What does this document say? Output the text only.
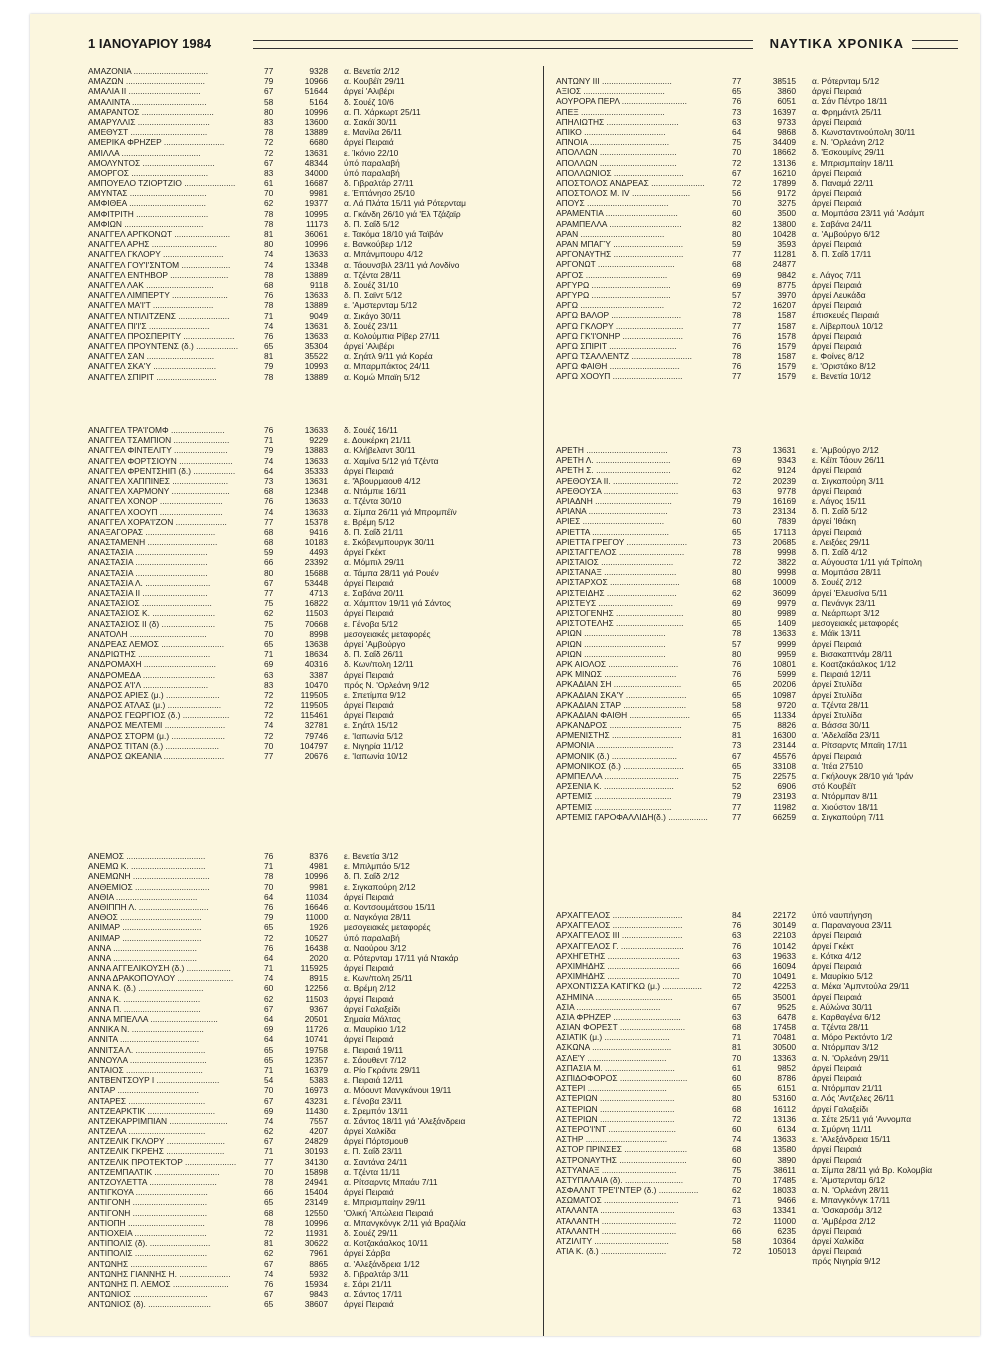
1 ΙΑΝΟΥΑΡΙΟΥ 1984	ΝΑΥΤΙΚΑ ΧΡΟΝΙΚΑ
ΑΜΑΖΟΝΙΑ ................................	77	9328 α. Βενετία 2/12
ΑΜΑΖΩΝ ..................................	79	10966 α. Κουβέϊτ 29/11
ΑΜΑΛΙΑ ΙΙ ...............................	67	51644 άργεί 'Αλιβέρι
ΑΜΑΛΙΝΤΑ ................................	58	5164 δ. Σουέζ 10/6
ΑΜΑΡΑΝΤΟΣ ...............................	80	10996 α. Π. Χάρκωρτ 25/11
ΑΜΑΡΥΛΛΙΣ ...............................	83	13600 α. Σακάϊ 30/11
ΑΜΕΘΥΣΤ .................................	78	13889 ε. Μανίλα 26/11
ΑΜΕΡΙΚΑ ΦΡΗΖΕΡ ..........................	72	6680 άργεί Πειραιά
ΑΜΙΛΛΑ ..................................	72	13631 ε. Ίκόνιο 22/10
ΑΜΟΛΥΝΤΟΣ ...............................	67	48344 ύπό παραλαβή
ΑΜΟΡΓΟΣ .................................	83	34000 ύπό παραλαβή
ΑΜΠΟΥΕΛΟ ΤΖΙΟΡΤΖΙΟ ......................	61	16687 δ. Γιβραλτάρ 27/11
ΑΜΥΝΤΑΣ .................................	70	9981 ε. Έπτάνησο 25/10
ΑΜΦΙΘΕΑ .................................	62	19377 α. Λά Πλάτα 15/11 γιά Ρότερνταμ
ΑΜΦΙΤΡΙΤΗ ...............................	78	10995 α. Γκάνδη 26/10 γιά 'Ελ Τζάζαϊρ
ΑΜΦΙΩΝ ..................................	78	11173 δ. Π. Σαΐδ 5/12
ΑΝΑΓΓΕΛ ΑΡΓΚΟΝΩΤ ........................	81	36061 ε. Τακόμα 18/10 γιά Ταϊβάν
ΑΝΑΓΓΕΛ ΑΡΗΣ ............................	80	10996 ε. Βανκούβερ 1/12
ΑΝΑΓΓΕΛ ΓΚΛΟΡΥ ..........................	74	13633 α. Μπάνμπουρυ 4/12
ΑΝΑΓΓΕΛ ΓΟΥ'Ι'ΣΝΤΟΜ .....................	74	13348 α. Τάουνσβιλ 23/11 γιά Λονδίνο
ΑΝΑΓΓΕΛ ΕΝΤΗΒΟΡ .........................	78	13889 α. Τζέντα 28/11
ΑΝΑΓΓΕΛ ΛΑΚ .............................	68	9118 δ. Σουέζ 31/10
ΑΝΑΓΓΕΛ ΛΙΜΠΕΡΤΥ ........................	76	13633 δ. Π. Σαϊντ 5/12
ΑΝΑΓΓΕΛ ΜΑ'Ι'Τ ..........................	78	13889 ε. 'Αμστερνταμ 5/12
ΑΝΑΓΓΕΛ ΝΤΙΛΙΤΖΕΝΣ ......................	71	9049 α. Σικάγο 30/11
ΑΝΑΓΓΕΛ ΠΙ'Ι'Σ ..........................	74	13631 δ. Σουέζ 23/11
ΑΝΑΓΓΕΛ ΠΡΟΣΠΕΡΙΤΥ ......................	76	13633 α. Κολούμπια Ρίβερ 27/11
ΑΝΑΓΓΕΛ ΠΡΟΥΝΤΕΝΣ (δ.) ..................	65	35304 άργεί 'Αλιβέρι
ΑΝΑΓΓΕΛ ΣΑΝ .............................	81	35522 α. Σηάτλ 9/11 γιά Κορέα
ΑΝΑΓΓΕΛ ΣΚΑ'Υ ...........................	79	10993 α. Μπαρμπάκτος 24/11
ΑΝΑΓΓΕΛ ΣΠΙΡΙΤ ..........................	78	13889 α. Κομώ Μπαϊη 5/12
ΑΝΑΓΓΕΛ ΤΡΑ'Ι'ΟΜΦ .......................	76	13633 δ. Σουέζ 16/11
ΑΝΑΓΓΕΛ ΤΣΑΜΠΙΟΝ ........................	71	9229 ε. Δουκέρκη 21/11
ΑΝΑΓΓΕΛ ΦΙΝΤΕΛΙΤΥ .......................	79	13883 α. Κλήβελαντ 30/11
ΑΝΑΓΓΕΛ ΦΟΡΤΣΙΟΥΝ .......................	74	13633 α. Χαμίνα 5/12 γιά Τζέντα
ΑΝΑΓΓΕΛ ΦΡΕΝΤΣΗΙΠ (δ.) ..................	64	35333 άργεί Πειραιά
ΑΝΑΓΓΕΛ ΧΑΠΠΙΝΕΣ ........................	73	13631 ε. 'Άβουρμαουθ 4/12
ΑΝΑΓΓΕΛ ΧΑΡΜΟΝΥ .........................	68	12348 α. Ντάμπιε 16/11
ΑΝΑΓΓΕΛ ΧΟΝΟΡ ...........................	76	13633 α. Τζέντα 30/10
ΑΝΑΓΓΕΛ ΧΟΟΥΠ ...........................	74	13633 α. Σίμπα 26/11 γιά Μπρομπέϊν
ΑΝΑΓΓΕΛ ΧΟΡΑ'Ι'ΖΟΝ ......................	77	15378 ε. Βρέμη 5/12
ΑΝΑΞΑΓΟΡΑΣ ..............................	68	9416 δ. Π. Σαΐδ 21/11
ΑΝΑΣΤΑΜΕΝΗ ..............................	68	10183 ε. Σκόβενμπουργκ 30/11
ΑΝΑΣΤΑΣΙΑ ...............................	59	4493 άργεί Γκέκτ
ΑΝΑΣΤΑΣΙΑ ...............................	66	23392 α. Μόμπιλ 29/11
ΑΝΑΣΤΑΣΙΑ ...............................	80	15688 α. Τάμπα 28/11 γιά Ρουέν
ΑΝΑΣΤΑΣΙΑ Λ. ............................	67	53448 άργεί Πειραιά
ΑΝΑΣΤΑΣΙΑ ΙΙ ............................	77	4713 ε. Σαβάνα 20/11
ΑΝΑΣΤΑΣΙΟΣ ..............................	75	16822 α. Χάμπτον 19/11 γιά Σάντος
ΑΝΑΣΤΑΣΙΟΣ Κ. ...........................	62	11503 άργεί Πειραιά
ΑΝΑΣΤΑΣΙΟΣ ΙΙ (δ) .......................	75	70668 ε. Γένοβα 5/12
ΑΝΑΤΟΛΗ .................................	70	8998 μεσογειακές μεταφορές
ΑΝΔΡΕΑΣ ΛΕΜΟΣ ...........................	65	13638 άργεί 'Αμβούργο
ΑΝΔΡΙΩΤΗΣ ...............................	71	18634 δ. Π. Σαΐδ 26/11
ΑΝΔΡΟΜΑΧΗ ...............................	69	40316 δ. Κων/πολη 12/11
ΑΝΔΡΟΜΕΔΑ ...............................	63	3387 άργεί Πειραιά
ΑΝΔΡΟΣ Α'Ι'Λ ............................	83	10470 πρός Ν. 'Ορλεάνη 9/12
ΑΝΔΡΟΣ ΑΡΙΕΣ (μ.) .......................	72	119505 ε. Σπετίμπα 9/12
ΑΝΔΡΟΣ ΑΤΛΑΣ (μ.) .......................	72	119505 άργεί Πειραιά
ΑΝΔΡΟΣ ΓΕΩΡΓΙΟΣ (δ.) ....................	72	115461 άργεί Πειραιά
ΑΝΔΡΟΣ ΜΕΛΤΕΜΙ ..........................	74	32781 ε. Σηάτλ 15/12
ΑΝΔΡΟΣ ΣΤΟΡΜ (μ.) .......................	72	79746 ε. 'Ιαπωνία 5/12
ΑΝΔΡΟΣ ΤΙΤΑΝ (δ.) .......................	70	104797 ε. Νιγηρία 11/12
ΑΝΔΡΟΣ ΩΚΕΑΝΙΑ ..........................	77	20676 ε. 'Ιαπωνία 10/12
ΑΝΕΜΟΣ ..................................	76	8376 ε. Βενετία 3/12
ΑΝΕΜΩ Κ. ................................	71	4981 ε. Μπιλμπάο 5/12
ΑΝΕΜΩΝΗ .................................	78	10996 δ. Π. Σαΐδ 2/12
ΑΝΘΕΜΙΟΣ ................................	70	9981 ε. Σιγκαπούρη 2/12
ΑΝΘΙΑ ...................................	64	11034 άργεί Πειραιά
ΑΝΘΙΠΠΗ Λ. ..............................	76	16646 α. Κοντσουμάτσου 15/11
ΑΝΘΟΣ ...................................	79	11000 α. Ναγκόγια 28/11
ΑΝΙΜΑΡ ..................................	65	1926 μεσογειακές μεταφορές
ΑΝΙΜΑΡ ..................................	72	10527 ύπό παραλαβή
ΑΝΝΑ ....................................	76	16438 α. Ναούρου 3/12
ΑΝΝΑ ....................................	64	2020 α. Ρότερνταμ 17/11 γιά Ντακάρ
ΑΝΝΑ ΑΓΓΕΛΙΚΟΥΣΗ (δ.) ...................	71	115925 άργεί Πειραιά
ΑΝΝΑ ΔΡΑΚΟΠΟΥΛΟΥ ........................	74	8915 ε. Κων/πολη 25/11
ΑΝΝΑ Κ. (δ.) ............................	60	12256 α. Βρέμη 2/12
ΑΝΝΑ Κ. .................................	62	11503 άργεί Πειραιά
ΑΝΝΑ Π. .................................	67	9367 άργεί Γαλαξείδι
ΑΝΝΑ ΜΠΕΛΛΑ .............................	64	20501 Σημαία Μάλτας
ΑΝΝΙΚΑ Ν. ...............................	69	11726 α. Μαυρίκιο 1/12
ΑΝΝΙΤΑ ..................................	64	10741 άργεί Πειραιά
ΑΝΝΙΤΣΑ Λ. ..............................	65	19758 ε. Πειραιά 19/11
ΑΝΝΟΥΛΑ .................................	65	12357 ε. Σάουθεντ 7/12
ΑΝΤΑΙΟΣ .................................	71	16379 α. Ρίο Γκράντε 29/11
ΑΝΤΒΕΝΤΣΟΥΡ Ι ...........................	54	5383 ε. Πειραιά 12/11
ΑΝΤΑΡ ...................................	70	16973 α. Μόουντ Μανγκάνουι 19/11
ΑΝΤΑΡΕΣ .................................	67	43231 ε. Γένοβα 23/11
ΑΝΤΖΕΑΡΚΤΙΚ .............................	69	11430 ε. Σρεμπόν 13/11
ΑΝΤΖΕΚΑΡΡΙΜΠΙΑΝ .........................	74	7557 α. Σάντος 18/11 γιά 'Αλεξάνδρεια
ΑΝΤΖΕΛΑ .................................	62	4207 άργεί Χαλκίδα
ΑΝΤΖΕΛΙΚ ΓΚΛΟΡΥ .........................	67	24829 άργεί Πόρτσμουθ
ΑΝΤΖΕΛΙΚ ΓΚΡΕΗΣ .........................	71	30193 ε. Π. Σαΐδ 23/11
ΑΝΤΖΕΛΙΚ ΠΡΟΤΕΚΤΟΡ ......................	77	34130 α. Σαντάνα 24/11
ΑΝΤΖΕΜΠΑΛΤΙΚ ............................	70	15898 α. Τζέντα 11/11
ΑΝΤΖΟΥΛΕΤΤΑ .............................	78	24941 α. Ρίτσαρντς Μπαάυ 7/11
ΑΝΤΙΓΚΟΥΑ ...............................	66	15404 άργεί Πειραιά
ΑΝΤΙΓΟΝΗ ................................	65	23149 ε. Μπρισμπαίην 29/11
ΑΝΤΙΓΟΝΗ ................................	68	12550 'Ολική 'Απώλεια Πειραιά
ΑΝΤΙΟΠΗ .................................	78	10996 α. Μπανγκόνγκ 2/11 γιά Βραζιλία
ΑΝΤΙΟΧΕΙΑ ...............................	72	11931 δ. Σουέζ 29/11
ΑΝΤΙΠΟΛΙΣ (δ). ..........................	81	30622 α. Κοτζακάαλκος 10/11
ΑΝΤΙΠΟΛΙΣ ...............................	62	7961 άργεί Σάρβα
ΑΝΤΩΝΗΣ .................................	67	8865 α. 'Αλεξάνδρεια 1/12
ΑΝΤΩΝΗΣ ΓΙΑΝΝΗΣ Η. ......................	74	5932 δ. Γιβραλτάρ 3/11
ΑΝΤΩΝΗΣ Π. ΛΕΜΟΣ ........................	76	15934 ε. Σάρι 21/11
ΑΝΤΩΝΙΟΣ ................................	67	9843 α. Σάντος 17/11
ΑΝΤΩΝΙΟΣ (δ). ...........................	65	38607 άργεί Πειραιά
ΑΝΤΩΝΥ ΙΙΙ ..............................	77	38515 α. Ρότερνταμ 5/12
ΑΞΙΟΣ ...................................	65	3860 άργεί Πειραιά
ΑΟΥΡΟΡΑ ΠΕΡΛ ............................	76	6051 α. Σάν Πέντρο 18/11
ΑΠΕΞ ....................................	73	16397 α. Φρημάντλ 25/11
ΑΠΗΛΙΩΤΗΣ ...............................	63	9733 άργεί Πειραιά
ΑΠΙΚΟ ...................................	64	9868 δ. Κωνσταντινούπολη 30/11
ΑΠΝΟΙΑ ..................................	75	34409 ε. Ν. 'Ορλεάνη 2/12
ΑΠΟΛΛΩΝ .................................	70	18662 δ. 'Εσκουμίνς 29/11
ΑΠΟΛΛΩΝ .................................	72	13136 ε. Μπρισμπαίην 18/11
ΑΠΟΛΛΩΝΙΟΣ ..............................	67	16210 άργεί Πειραιά
ΑΠΟΣΤΟΛΟΣ ΑΝΔΡΕΑΣ .......................	72	17899 δ. Παναμά 22/11
ΑΠΟΣΤΟΛΟΣ Μ. ΙV .........................	56	9172 άργεί Πειραιά
ΑΠΟΥΣ ...................................	70	3275 άργεί Πειραιά
ΑΡΑΜΕΝΤΙΑ ...............................	60	3500 α. Μομπάσα 23/11 γιά 'Ασάμπ
ΑΡΑΜΠΕΛΛΑ ...............................	82	13800 ε. Σαβάνα 24/11
ΑΡΑΝ ....................................	80	10428 α. 'Αμβούργο 6/12
ΑΡΑΝ ΜΠΑΓΎ ..............................	59	3593 άργεί Πειραιά
ΑΡΓΟΝΑΥΤΗΣ ..............................	77	11281 δ. Π. Σαΐδ 17/11
ΑΡΓΟΝΩΤ .................................	68	24877
ΑΡΓΟΣ ...................................	69	9842 ε. Λάγος 7/11
ΑΡΓΥΡΩ ..................................	69	8775 άργεί Πειραιά
ΑΡΓΥΡΩ ..................................	57	3970 άργεί Λευκάδα
ΑΡΓΩ ....................................	72	16207 άργεί Πειραιά
ΑΡΓΩ ΒΑΛΟΡ ..............................	78	1587 έπισκευές Πειραιά
ΑΡΓΩ ΓΚΛΟΡΥ .............................	77	1587 ε. Λίβερπουλ 10/12
ΑΡΓΩ ΓΚ'Ι'ΟΝΗΡ ..........................	76	1578 άργεί Πειραιά
ΑΡΓΩ ΣΠΙΡΙΤ .............................	76	1579 άργεί Πειραιά
ΑΡΓΩ ΤΣΑΛΛΕΝΤΖ ..........................	78	1587 ε. Φοίνες 8/12
ΑΡΓΩ ΦΑΙΘΗ ..............................	76	1579 ε. 'Οριστάκο 8/12
ΑΡΓΩ ΧΟΟΥΠ ..............................	77	1579 ε. Βενετία 10/12
ΑΡΕΤΗ ...................................	73	13631 ε. 'Αμβούργο 2/12
ΑΡΕΤΗ Λ. ................................	69	9343 ε. Κέϊπ Τάουν 26/11
ΑΡΕΤΗ Σ. ................................	62	9124 άργεί Πειραιά
ΑΡΕΘΟΥΣΑ ΙΙ. ............................	72	20239 α. Σιγκαπούρη 3/11
ΑΡΕΘΟΥΣΑ ................................	63	9778 άργεί Πειραιά
ΑΡΙΑΔΝΗ .................................	79	16169 ε. Λάγος 15/11
ΑΡΙΑΝΑ ..................................	73	23134 δ. Π. Σαΐδ 5/12
ΑΡΙΕΣ ...................................	60	7839 άργεί 'Ιθάκη
ΑΡΙΕΤΤΑ .................................	65	17113 άργεί Πειραιά
ΑΡΙΕΤΤΑ ΓΡΕΓΟΥ ..........................	73	20685 ε. Λειξόες 29/11
ΑΡΙΣΤΑΓΓΕΛΟΣ ............................	78	9998 δ. Π. Σαΐδ 4/12
ΑΡΙΣΤΑΙΟΣ ...............................	72	3822 α. Αύγουστα 1/11 γιά Τρίπολη
ΑΡΙΣΤΑΝΑΞ ...............................	80	9998 α. Μομπάσα 28/11
ΑΡΙΣΤΑΡΧΟΣ ..............................	68	10009 δ. Σουέζ 2/12
ΑΡΙΣΤΕΙΔΗΣ ..............................	62	36099 άργεί 'Ελευσίνα 5/11
ΑΡΙΣΤΕΥΣ ................................	69	9979 α. Πενάνγκ 23/11
ΑΡΙΣΤΟΓΕΝΗΣ .............................	80	9989 α. Νεάρπωρτ 3/12
ΑΡΙΣΤΟΤΕΛΗΣ .............................	65	1409 μεσογειακές μεταφορές
ΑΡΙΩΝ ...................................	78	13633 ε. Μάϊκ 13/11
ΑΡΙΩΝ ...................................	57	9999 άργεί Πειραιά
ΑΡΙΩΝ ...................................	80	9959 ε. Βισακαπτνάμ 28/11
ΑΡΚ ΑΙΟΛΟΣ ..............................	76	10801 ε. Κοατζακάαλκος 1/12
ΑΡΚ ΜΙΝΩΣ ...............................	76	5999 ε. Πειραιά 12/11
ΑΡΚΑΔΙΑΝ ΣΗ .............................	65	20206 άργεί Στυλίδα
ΑΡΚΑΔΙΑΝ ΣΚΑ'Υ ..........................	65	10987 άργεί Στυλίδα
ΑΡΚΑΔΙΑΝ ΣΤΑΡ ...........................	58	9720 α. Τζέντα 28/11
ΑΡΚΑΔΙΑΝ ΦΑΙΘΗ ..........................	65	11334 άργεί Στυλίδα
ΑΡΚΑΝΔΡΟΣ ...............................	75	8826 α. Βάσσα 30/11
ΑΡΜΕΝΙΣΤΗΣ ..............................	81	16300 α. 'Αδελαΐδα 23/11
ΑΡΜΟΝΙΑ .................................	73	23144 α. Ρίτσαρντς Μπαϊη 17/11
ΑΡΜΟΝΙΚ (δ.) ............................	67	45576 άργεί Πειραιά
ΑΡΜΟΝΙΚΟΣ (δ.) ..........................	65	33108 α. 'Ιτέα 27510
ΑΡΜΠΕΛΛΑ ................................	75	22575 α. Γκήλουγκ 28/10 γιά 'Ιράν
ΑΡΣΕΝΙΑ Κ. ..............................	52	6906 στό Κουβέϊτ
ΑΡΤΕΜΙΣ .................................	79	23193 α. Ντόρμπαν 8/11
ΑΡΤΕΜΙΣ .................................	77	11982 α. Χιούστον 18/11
ΑΡΤΕΜΙΣ ΓΑΡΟΦΑΛΛΙΔΗ(δ.) .................	77	66259 α. Σιγκαπούρη 7/11
ΑΡΧΑΓΓΕΛΟΣ ..............................	84	22172 ύπό ναυπήγηση
ΑΡΧΑΓΓΕΛΟΣ ..............................	76	30149 α. Παραναγουα 23/11
ΑΡΧΑΓΓΕΛΟΣ ΙΙΙ ..........................	63	22103 άργεί Πειραιά
ΑΡΧΑΓΓΕΛΟΣ Γ. ...........................	76	10142 άργεί Γκέκτ
ΑΡΧΗΓΕΤΗΣ ...............................	63	19633 ε. Κότκα 4/12
ΑΡΧΙΜΗΔΗΣ ...............................	66	16094 άργεί Πειραιά
ΑΡΧΙΜΗΔΗΣ ...............................	70	10491 ε. Μαυρίκιο 5/12
ΑΡΧΟΝΤΙΣΣΑ ΚΑΤΙΓΚΩ (μ.) .................	72	42253 α. Μέκα 'Αμπντούλα 29/11
ΑΣΗΜΙΝΑ .................................	65	35001 άργεί Πειραιά
ΑΣΙΑ ....................................	67	9525 ε. Αύλώνα 30/11
ΑΣΙΑ ΦΡΗΖΕΡ .............................	63	6478 ε. Καρθαγένα 6/12
ΑΣΙΑΝ ΦΟΡΕΣΤ ............................	68	17458 α. Τζέντα 28/11
ΑΣΙΑΤΙΚ (μ.) ............................	71	70481 α. Μόρο Ρεκτόντο 1/2
ΑΣΚΩΝΑ ..................................	81	30500 α. Ντόρμπαν 3/12
ΑΣΛΕ'Υ ..................................	70	13363 α. Ν. 'Ορλεάνη 29/11
ΑΣΠΑΣΙΑ Μ. ..............................	61	9852 άργεί Πειραιά
ΑΣΠΙΔΟΦΟΡΟΣ .............................	60	8786 άργεί Πειραιά
ΑΣΤΕΡΙ ..................................	65	6151 α. Ντόρμπαν 21/11
ΑΣΤΕΡΙΩΝ ................................	80	53160 α. Λός 'Αντζελες 26/11
ΑΣΤΕΡΙΩΝ ................................	68	16112 άργεί Γαλαξείδι
ΑΣΤΕΡΙΩΝ ................................	72	13136 α. Σέτε 25/11 γιά 'Αννομπα
ΑΣΤΕΡΟ'Ι'ΝΤ .............................	60	6134 α. Σμύρνη 11/11
ΑΣΤΗΡ ...................................	74	13633 ε. 'Αλεξάνδρεια 15/11
ΑΣΤΟΡ ΠΡΙΝΣΕΣ ...........................	68	13580 άργεί Πειραιά
ΑΣΤΡΟΝΑΥΤΗΣ .............................	60	3890 άργεί Πειραιά
ΑΣΤΥΑΝΑΞ ................................	75	38611 α. Σίμπα 28/11 γιά Βρ. Κολομβία
ΑΣΤΥΠΑΛΑΙΑ (δ). .........................	70	17485 ε. 'Αμστερνταμ 6/12
ΑΣΦΑΛΝΤ ΤΡΕ'Ι'ΝΤΕΡ (δ.) .................	62	18033 α. Ν. 'Ορλεάνη 28/11
ΑΣΩΜΑΤΟΣ ................................	71	9466 ε. Μπανγκόνγκ 17/11
ΑΤΑΛΑΝΤΑ ................................	63	13341 α. 'Οσκαρσάμ 3/12
ΑΤΑΛΑΝΤΗ ................................	72	11000 α. 'Αμβέρσα 2/12
ΑΤΑΛΑΝΤΗ ................................	66	6235 άργεί Πειραιά
ΑΤΖΙΛΙΤΥ ................................	58	10364 άργεί Χαλκίδα
ΑΤΙΑ Κ. (δ.) ............................	72	105013 άργεί Πειραιά
πρός Νιγηρία 9/12
